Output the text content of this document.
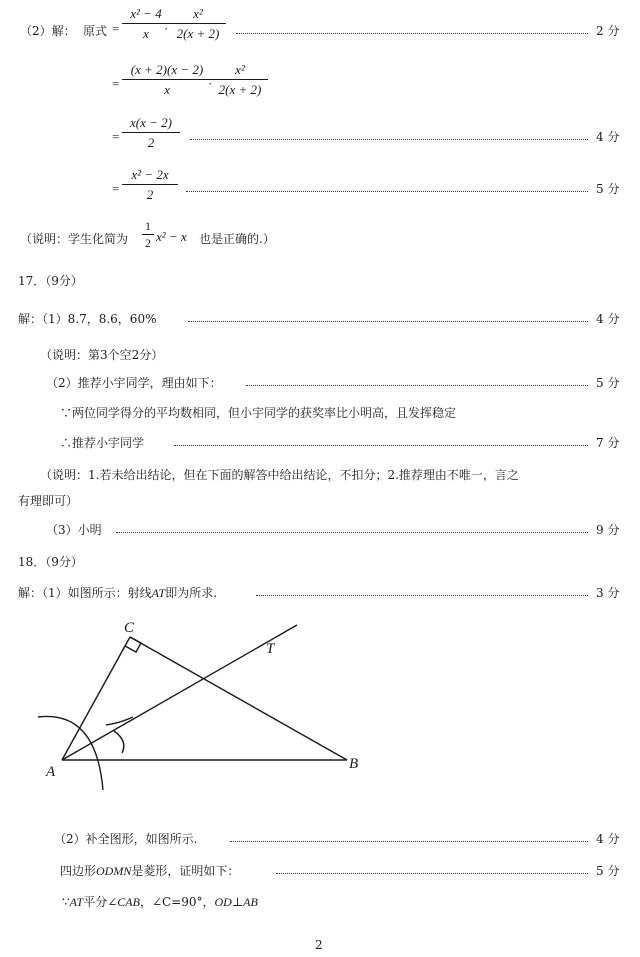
（2）解： 原式 =
x² − 4
x	·
x²
2(x + 2)	2 分
=
(x + 2)(x − 2)
x	·
x²
2(x + 2)
=
x(x − 2)
2	4 分
=
x² − 2x
2	5 分
（说明：学生化简为
1
2 x² − x 也是正确的.）
17．（9分）
解：（1）8.7，8.6，60%	4 分
（说明：第3个空2分）
（2）推荐小宇同学，理由如下：	5 分
∵两位同学得分的平均数相同，但小宇同学的获奖率比小明高，且发挥稳定
∴推荐小宇同学	7 分
（说明：1.若未给出结论，但在下面的解答中给出结论，不扣分；2.推荐理由不唯一，言之
有理即可）
（3）小明	9 分
18．（9分）
解：（1）如图所示：射线AT即为所求.	3 分
C
T
A	B
（2）补全图形，如图所示.	4 分
四边形ODMN是菱形，证明如下：	5 分
∵AT平分∠CAB，∠C=90°，OD⊥AB
2
